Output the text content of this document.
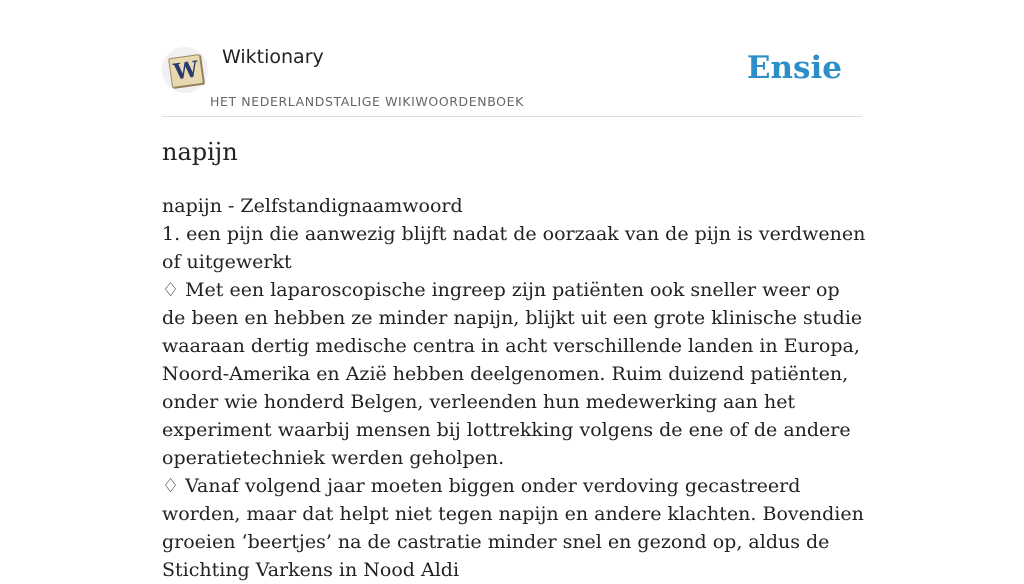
W Wiktionary
HET NEDERLANDSTALIGE WIKIWOORDENBOEK
Ensie
napijn

napijn - Zelfstandignaamwoord

1. een pijn die aanwezig blijft nadat de oorzaak van de pijn is verdwenen of uitgewerkt

♢ Met een laparoscopische ingreep zijn patiënten ook sneller weer op de been en hebben ze minder napijn, blijkt uit een grote klinische studie waaraan dertig medische centra in acht verschillende landen in Europa, Noord-Amerika en Azië hebben deelgenomen. Ruim duizend patiënten, onder wie honderd Belgen, verleenden hun medewerking aan het experiment waarbij mensen bij lottrekking volgens de ene of de andere operatietechniek werden geholpen.

♢ Vanaf volgend jaar moeten biggen onder verdoving gecastreerd worden, maar dat helpt niet tegen napijn en andere klachten. Bovendien groeien ‘beertjes’ na de castratie minder snel en gezond op, aldus de Stichting Varkens in Nood Aldi
